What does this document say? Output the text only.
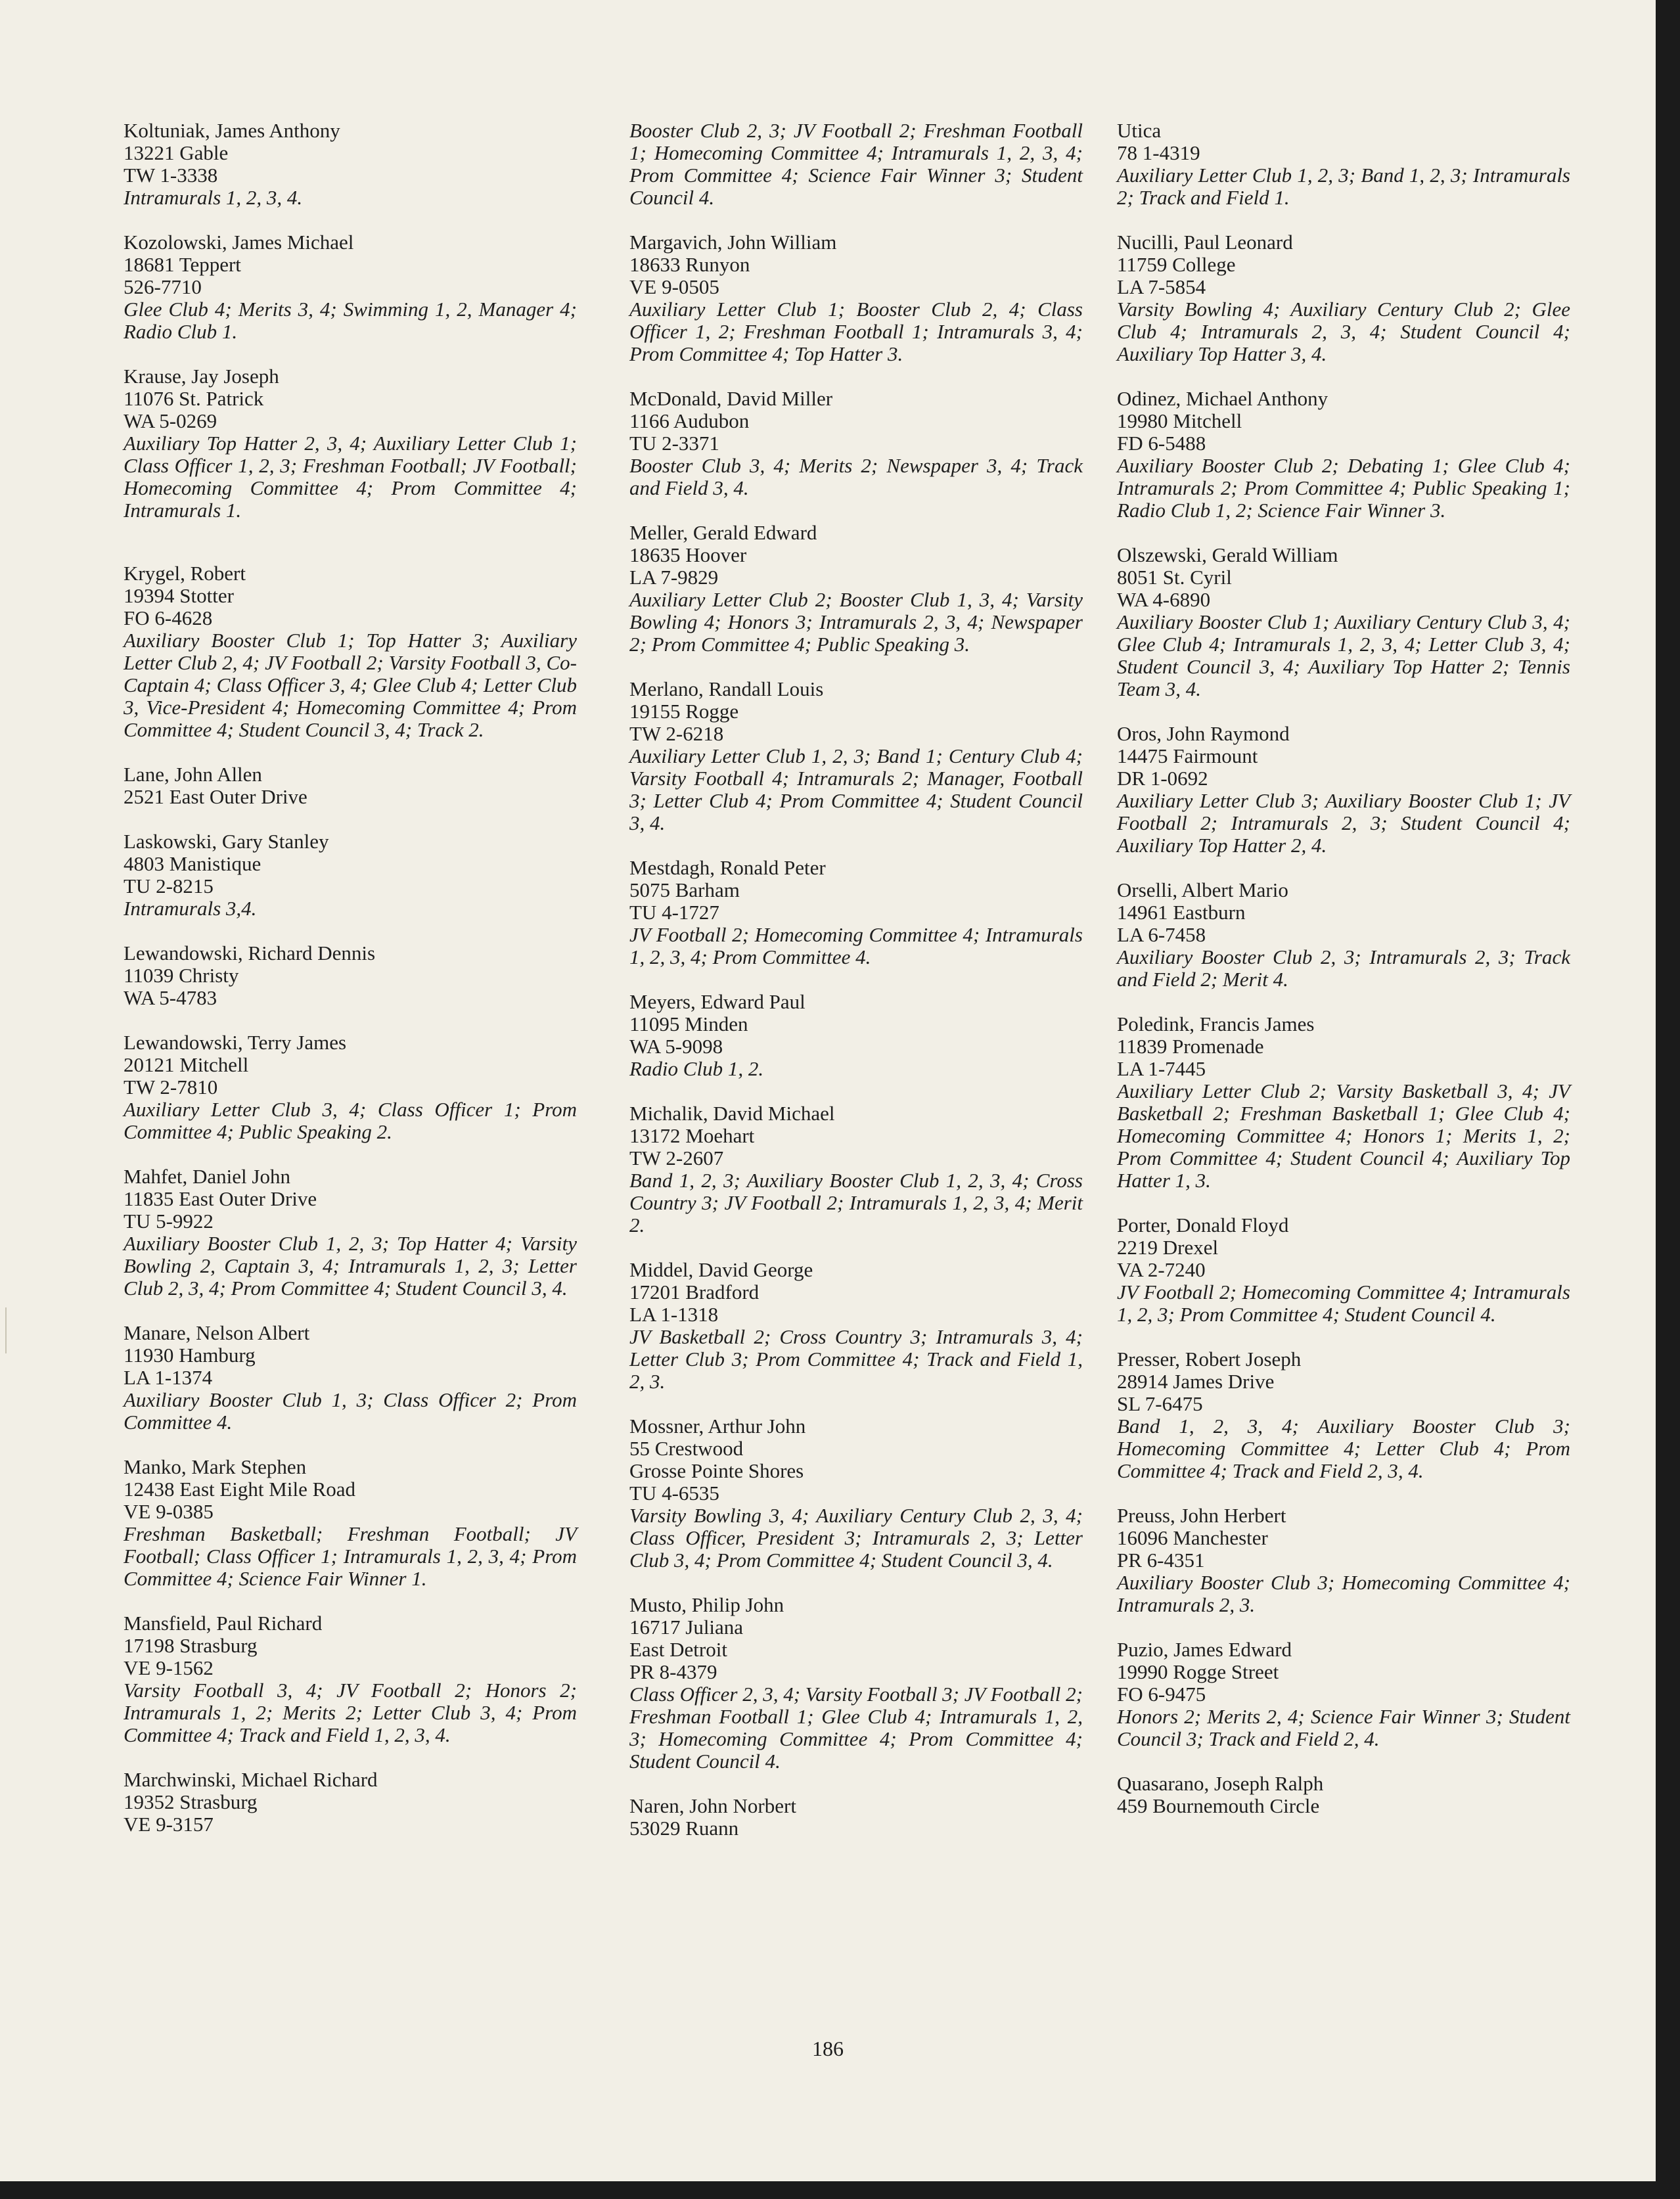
Koltuniak, James Anthony
13221 Gable
TW 1-3338
Intramurals 1, 2, 3, 4.
Kozolowski, James Michael
18681 Teppert
526-7710
Glee Club 4; Merits 3, 4; Swimming 1, 2, Manager 4; Radio Club 1.
Krause, Jay Joseph
11076 St. Patrick
WA 5-0269
Auxiliary Top Hatter 2, 3, 4; Auxiliary Letter Club 1; Class Officer 1, 2, 3; Freshman Football; JV Football; Homecoming Committee 4; Prom Committee 4; Intramurals 1.
Krygel, Robert
19394 Stotter
FO 6-4628
Auxiliary Booster Club 1; Top Hatter 3; Auxiliary Letter Club 2, 4; JV Football 2; Varsity Football 3, Co-Captain 4; Class Officer 3, 4; Glee Club 4; Letter Club 3, Vice-President 4; Homecoming Committee 4; Prom Committee 4; Student Council 3, 4; Track 2.
Lane, John Allen
2521 East Outer Drive
Laskowski, Gary Stanley
4803 Manistique
TU 2-8215
Intramurals 3,4.
Lewandowski, Richard Dennis
11039 Christy
WA 5-4783
Lewandowski, Terry James
20121 Mitchell
TW 2-7810
Auxiliary Letter Club 3, 4; Class Officer 1; Prom Committee 4; Public Speaking 2.
Mahfet, Daniel John
11835 East Outer Drive
TU 5-9922
Auxiliary Booster Club 1, 2, 3; Top Hatter 4; Varsity Bowling 2, Captain 3, 4; Intramurals 1, 2, 3; Letter Club 2, 3, 4; Prom Committee 4; Student Council 3, 4.
Manare, Nelson Albert
11930 Hamburg
LA 1-1374
Auxiliary Booster Club 1, 3; Class Officer 2; Prom Committee 4.
Manko, Mark Stephen
12438 East Eight Mile Road
VE 9-0385
Freshman Basketball; Freshman Football; JV Football; Class Officer 1; Intramurals 1, 2, 3, 4; Prom Committee 4; Science Fair Winner 1.
Mansfield, Paul Richard
17198 Strasburg
VE 9-1562
Varsity Football 3, 4; JV Football 2; Honors 2; Intramurals 1, 2; Merits 2; Letter Club 3, 4; Prom Committee 4; Track and Field 1, 2, 3, 4.
Marchwinski, Michael Richard
19352 Strasburg
VE 9-3157
Booster Club 2, 3; JV Football 2; Freshman Football 1; Homecoming Committee 4; Intramurals 1, 2, 3, 4; Prom Committee 4; Science Fair Winner 3; Student Council 4.
Margavich, John William
18633 Runyon
VE 9-0505
Auxiliary Letter Club 1; Booster Club 2, 4; Class Officer 1, 2; Freshman Football 1; Intramurals 3, 4; Prom Committee 4; Top Hatter 3.
McDonald, David Miller
1166 Audubon
TU 2-3371
Booster Club 3, 4; Merits 2; Newspaper 3, 4; Track and Field 3, 4.
Meller, Gerald Edward
18635 Hoover
LA 7-9829
Auxiliary Letter Club 2; Booster Club 1, 3, 4; Varsity Bowling 4; Honors 3; Intramurals 2, 3, 4; Newspaper 2; Prom Committee 4; Public Speaking 3.
Merlano, Randall Louis
19155 Rogge
TW 2-6218
Auxiliary Letter Club 1, 2, 3; Band 1; Century Club 4; Varsity Football 4; Intramurals 2; Manager, Football 3; Letter Club 4; Prom Committee 4; Student Council 3, 4.
Mestdagh, Ronald Peter
5075 Barham
TU 4-1727
JV Football 2; Homecoming Committee 4; Intramurals 1, 2, 3, 4; Prom Committee 4.
Meyers, Edward Paul
11095 Minden
WA 5-9098
Radio Club 1, 2.
Michalik, David Michael
13172 Moehart
TW 2-2607
Band 1, 2, 3; Auxiliary Booster Club 1, 2, 3, 4; Cross Country 3; JV Football 2; Intramurals 1, 2, 3, 4; Merit 2.
Middel, David George
17201 Bradford
LA 1-1318
JV Basketball 2; Cross Country 3; Intramurals 3, 4; Letter Club 3; Prom Committee 4; Track and Field 1, 2, 3.
Mossner, Arthur John
55 Crestwood
Grosse Pointe Shores
TU 4-6535
Varsity Bowling 3, 4; Auxiliary Century Club 2, 3, 4; Class Officer, President 3; Intramurals 2, 3; Letter Club 3, 4; Prom Committee 4; Student Council 3, 4.
Musto, Philip John
16717 Juliana
East Detroit
PR 8-4379
Class Officer 2, 3, 4; Varsity Football 3; JV Football 2; Freshman Football 1; Glee Club 4; Intramurals 1, 2, 3; Homecoming Committee 4; Prom Committee 4; Student Council 4.
Naren, John Norbert
53029 Ruann
Utica
78 1-4319
Auxiliary Letter Club 1, 2, 3; Band 1, 2, 3; Intramurals 2; Track and Field 1.
Nucilli, Paul Leonard
11759 College
LA 7-5854
Varsity Bowling 4; Auxiliary Century Club 2; Glee Club 4; Intramurals 2, 3, 4; Student Council 4; Auxiliary Top Hatter 3, 4.
Odinez, Michael Anthony
19980 Mitchell
FD 6-5488
Auxiliary Booster Club 2; Debating 1; Glee Club 4; Intramurals 2; Prom Committee 4; Public Speaking 1; Radio Club 1, 2; Science Fair Winner 3.
Olszewski, Gerald William
8051 St. Cyril
WA 4-6890
Auxiliary Booster Club 1; Auxiliary Century Club 3, 4; Glee Club 4; Intramurals 1, 2, 3, 4; Letter Club 3, 4; Student Council 3, 4; Auxiliary Top Hatter 2; Tennis Team 3, 4.
Oros, John Raymond
14475 Fairmount
DR 1-0692
Auxiliary Letter Club 3; Auxiliary Booster Club 1; JV Football 2; Intramurals 2, 3; Student Council 4; Auxiliary Top Hatter 2, 4.
Orselli, Albert Mario
14961 Eastburn
LA 6-7458
Auxiliary Booster Club 2, 3; Intramurals 2, 3; Track and Field 2; Merit 4.
Poledink, Francis James
11839 Promenade
LA 1-7445
Auxiliary Letter Club 2; Varsity Basketball 3, 4; JV Basketball 2; Freshman Basketball 1; Glee Club 4; Homecoming Committee 4; Honors 1; Merits 1, 2; Prom Committee 4; Student Council 4; Auxiliary Top Hatter 1, 3.
Porter, Donald Floyd
2219 Drexel
VA 2-7240
JV Football 2; Homecoming Committee 4; Intramurals 1, 2, 3; Prom Committee 4; Student Council 4.
Presser, Robert Joseph
28914 James Drive
SL 7-6475
Band 1, 2, 3, 4; Auxiliary Booster Club 3; Homecoming Committee 4; Letter Club 4; Prom Committee 4; Track and Field 2, 3, 4.
Preuss, John Herbert
16096 Manchester
PR 6-4351
Auxiliary Booster Club 3; Homecoming Committee 4; Intramurals 2, 3.
Puzio, James Edward
19990 Rogge Street
FO 6-9475
Honors 2; Merits 2, 4; Science Fair Winner 3; Student Council 3; Track and Field 2, 4.
Quasarano, Joseph Ralph
459 Bournemouth Circle
186
